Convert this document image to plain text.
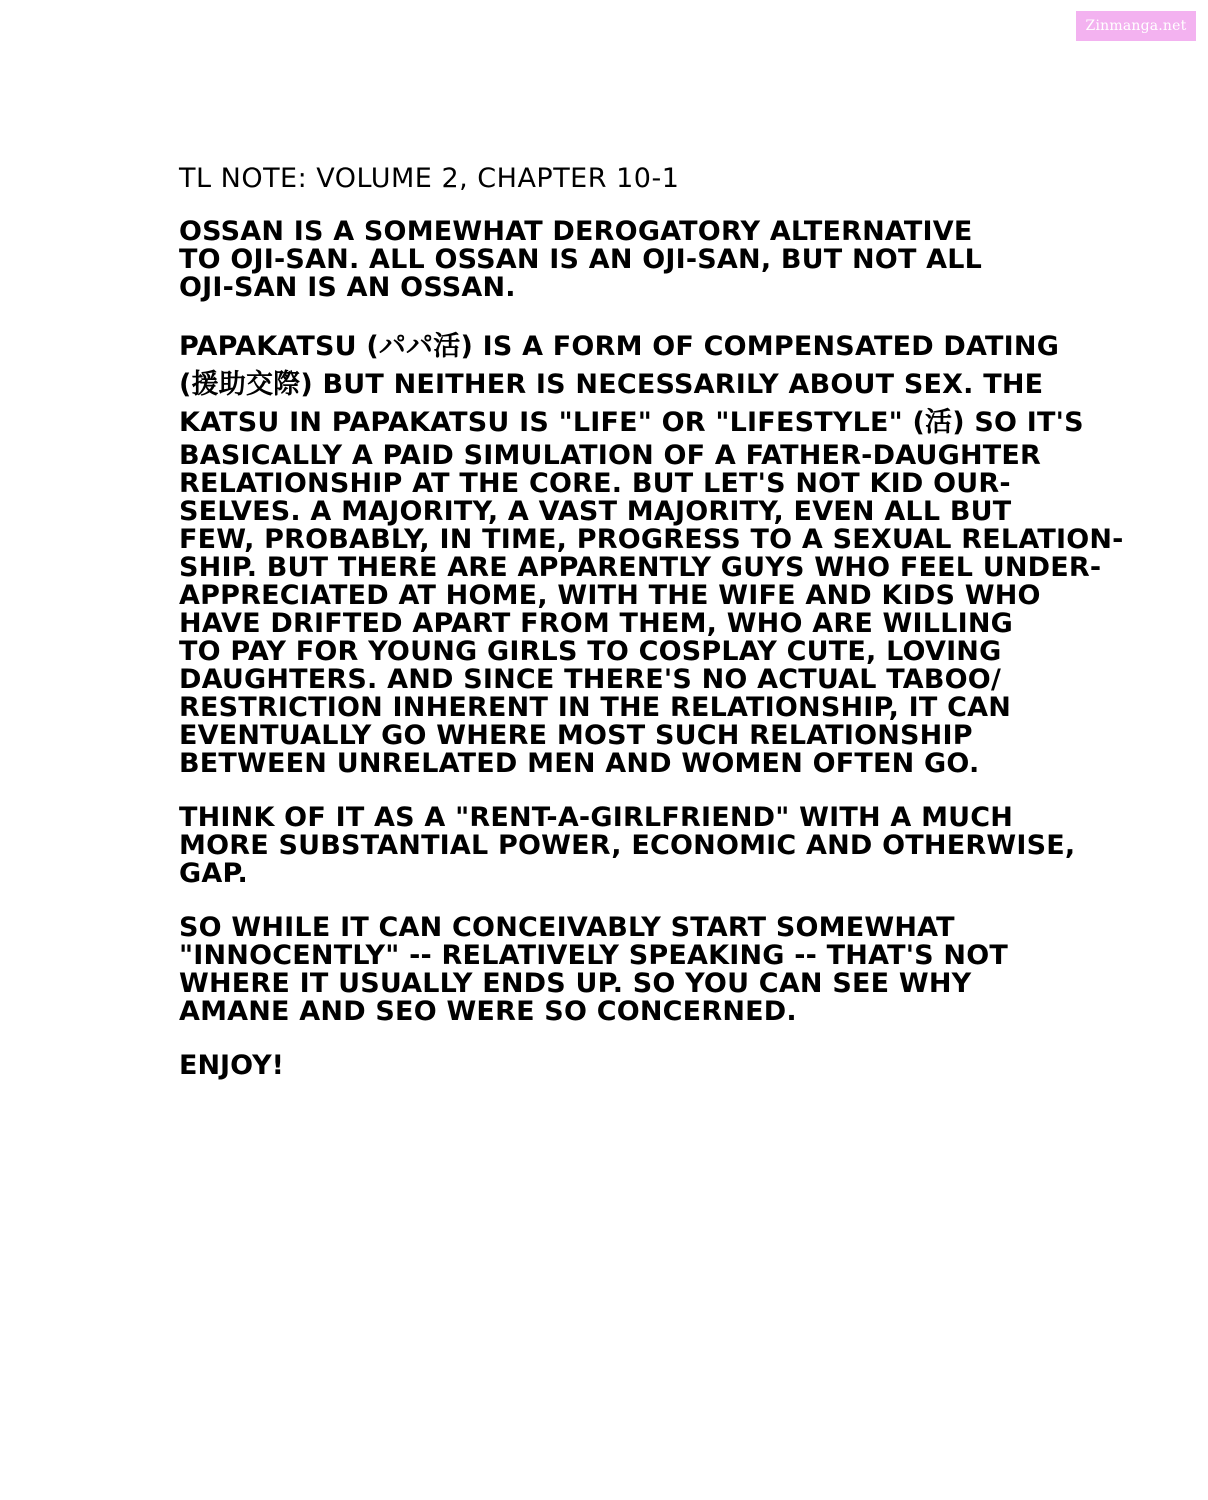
Zinmanga.net
TL NOTE: VOLUME 2, CHAPTER 10-1

OSSAN IS A SOMEWHAT DEROGATORY ALTERNATIVE
TO OJI-SAN. ALL OSSAN IS AN OJI-SAN, BUT NOT ALL
OJI-SAN IS AN OSSAN.

PAPAKATSU (パパ活) IS A FORM OF COMPENSATED DATING
(援助交際) BUT NEITHER IS NECESSARILY ABOUT SEX. THE
KATSU IN PAPAKATSU IS "LIFE" OR "LIFESTYLE" (活) SO IT'S
BASICALLY A PAID SIMULATION OF A FATHER-DAUGHTER
RELATIONSHIP AT THE CORE. BUT LET'S NOT KID OUR-
SELVES. A MAJORITY, A VAST MAJORITY, EVEN ALL BUT
FEW, PROBABLY, IN TIME, PROGRESS TO A SEXUAL RELATION-
SHIP. BUT THERE ARE APPARENTLY GUYS WHO FEEL UNDER-
APPRECIATED AT HOME, WITH THE WIFE AND KIDS WHO
HAVE DRIFTED APART FROM THEM, WHO ARE WILLING
TO PAY FOR YOUNG GIRLS TO COSPLAY CUTE, LOVING
DAUGHTERS. AND SINCE THERE'S NO ACTUAL TABOO/
RESTRICTION INHERENT IN THE RELATIONSHIP, IT CAN
EVENTUALLY GO WHERE MOST SUCH RELATIONSHIP
BETWEEN UNRELATED MEN AND WOMEN OFTEN GO.

THINK OF IT AS A "RENT-A-GIRLFRIEND" WITH A MUCH
MORE SUBSTANTIAL POWER, ECONOMIC AND OTHERWISE,
GAP.

SO WHILE IT CAN CONCEIVABLY START SOMEWHAT
"INNOCENTLY" -- RELATIVELY SPEAKING -- THAT'S NOT
WHERE IT USUALLY ENDS UP. SO YOU CAN SEE WHY
AMANE AND SEO WERE SO CONCERNED.

ENJOY!
